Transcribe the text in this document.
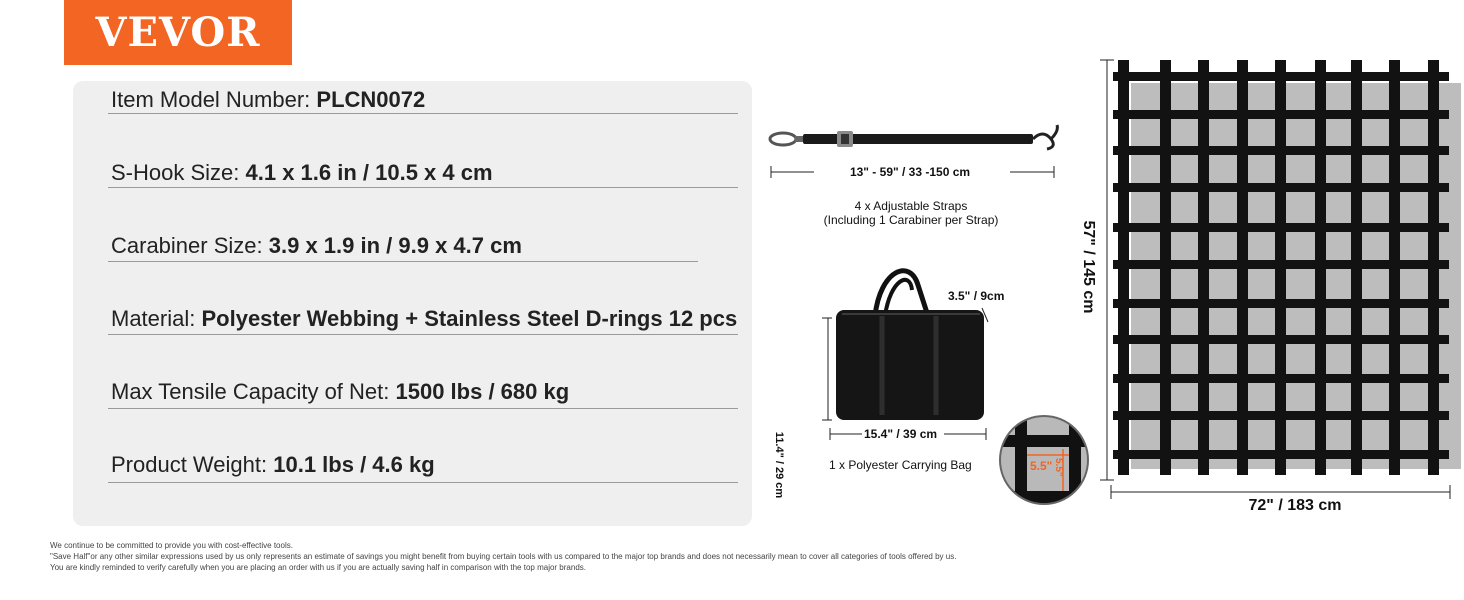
VEVOR
Item Model Number: PLCN0072
S-Hook Size: 4.1 x 1.6 in / 10.5 x 4 cm
Carabiner Size: 3.9 x 1.9 in / 9.9 x 4.7 cm
Material: Polyester Webbing + Stainless Steel D-rings 12 pcs
Max Tensile Capacity of Net: 1500 lbs / 680 kg
Product Weight: 10.1 lbs / 4.6 kg
13" - 59" / 33 -150 cm
4 x Adjustable Straps
(Including 1 Carabiner per Strap)
3.5" / 9cm
11.4" / 29 cm	15.4" / 39 cm
1 x Polyester Carrying Bag	5.5" 5.5"
57" / 145 cm
72" / 183 cm
We continue to be committed to provide you with cost-effective tools.
"Save Half"or any other similar expressions used by us only represents an estimate of savings you might benefit from buying certain tools with us compared to the major top brands and does not necessarily mean to cover all categories of tools offered by us.
You are kindly reminded to verify carefully when you are placing an order with us if you are actually saving half in comparison with the top major brands.
